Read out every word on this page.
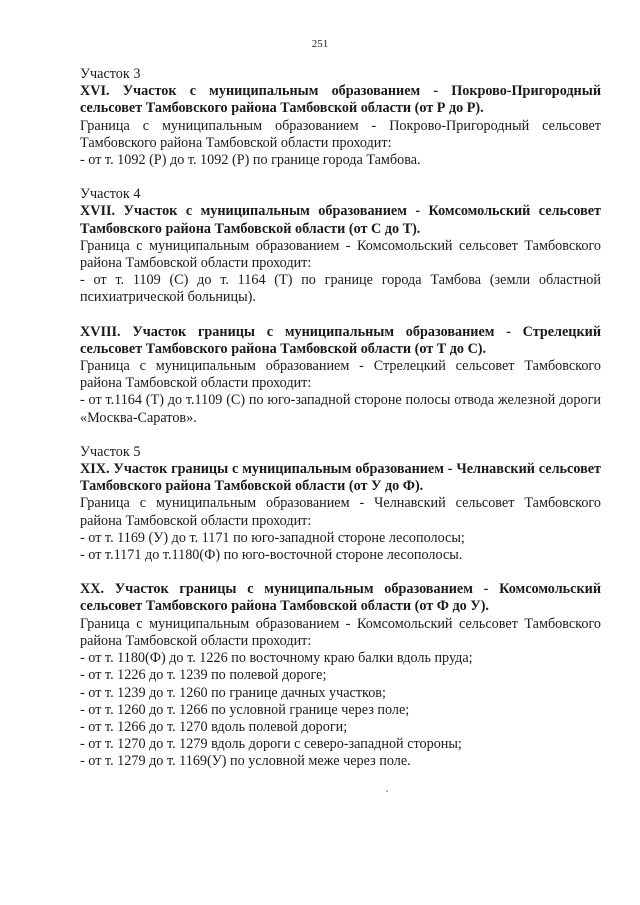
251
Участок 3
XVI. Участок с муниципальным образованием - Покрово-Пригородный сельсовет Тамбовского района Тамбовской области (от Р до Р).
Граница с муниципальным образованием - Покрово-Пригородный сельсовет Тамбовского района Тамбовской области проходит:
- от т. 1092 (Р) до т. 1092 (Р) по границе города Тамбова.
Участок 4
XVII. Участок с муниципальным образованием - Комсомольский сельсовет Тамбовского района Тамбовской области (от С до Т).
Граница с муниципальным образованием - Комсомольский сельсовет Тамбовского района Тамбовской области проходит:
- от т. 1109 (С) до т. 1164 (Т) по границе города Тамбова (земли областной психиатрической больницы).
XVIII. Участок границы с муниципальным образованием - Стрелецкий сельсовет Тамбовского района Тамбовской области (от Т до С).
Граница с муниципальным образованием - Стрелецкий сельсовет Тамбовского района Тамбовской области проходит:
- от т.1164 (Т) до т.1109 (С) по юго-западной стороне полосы отвода железной дороги «Москва-Саратов».
Участок 5
XIX. Участок границы с муниципальным образованием - Челнавский сельсовет Тамбовского района Тамбовской области (от У до Ф).
Граница с муниципальным образованием - Челнавский сельсовет Тамбовского района Тамбовской области проходит:
- от т. 1169 (У) до т. 1171 по юго-западной стороне лесополосы;
- от т.1171 до т.1180(Ф) по юго-восточной стороне лесополосы.
XX. Участок границы с муниципальным образованием - Комсомольский сельсовет Тамбовского района Тамбовской области (от Ф до У).
Граница с муниципальным образованием - Комсомольский сельсовет Тамбовского района Тамбовской области проходит:
- от т. 1180(Ф) до т. 1226 по восточному краю балки вдоль пруда;
- от т. 1226 до т. 1239 по полевой дороге;
- от т. 1239 до т. 1260 по границе дачных участков;
- от т. 1260 до т. 1266 по условной границе через поле;
- от т. 1266 до т. 1270 вдоль полевой дороги;
- от т. 1270 до т. 1279 вдоль дороги с северо-западной стороны;
- от т. 1279 до т. 1169(У) по условной меже через поле.
